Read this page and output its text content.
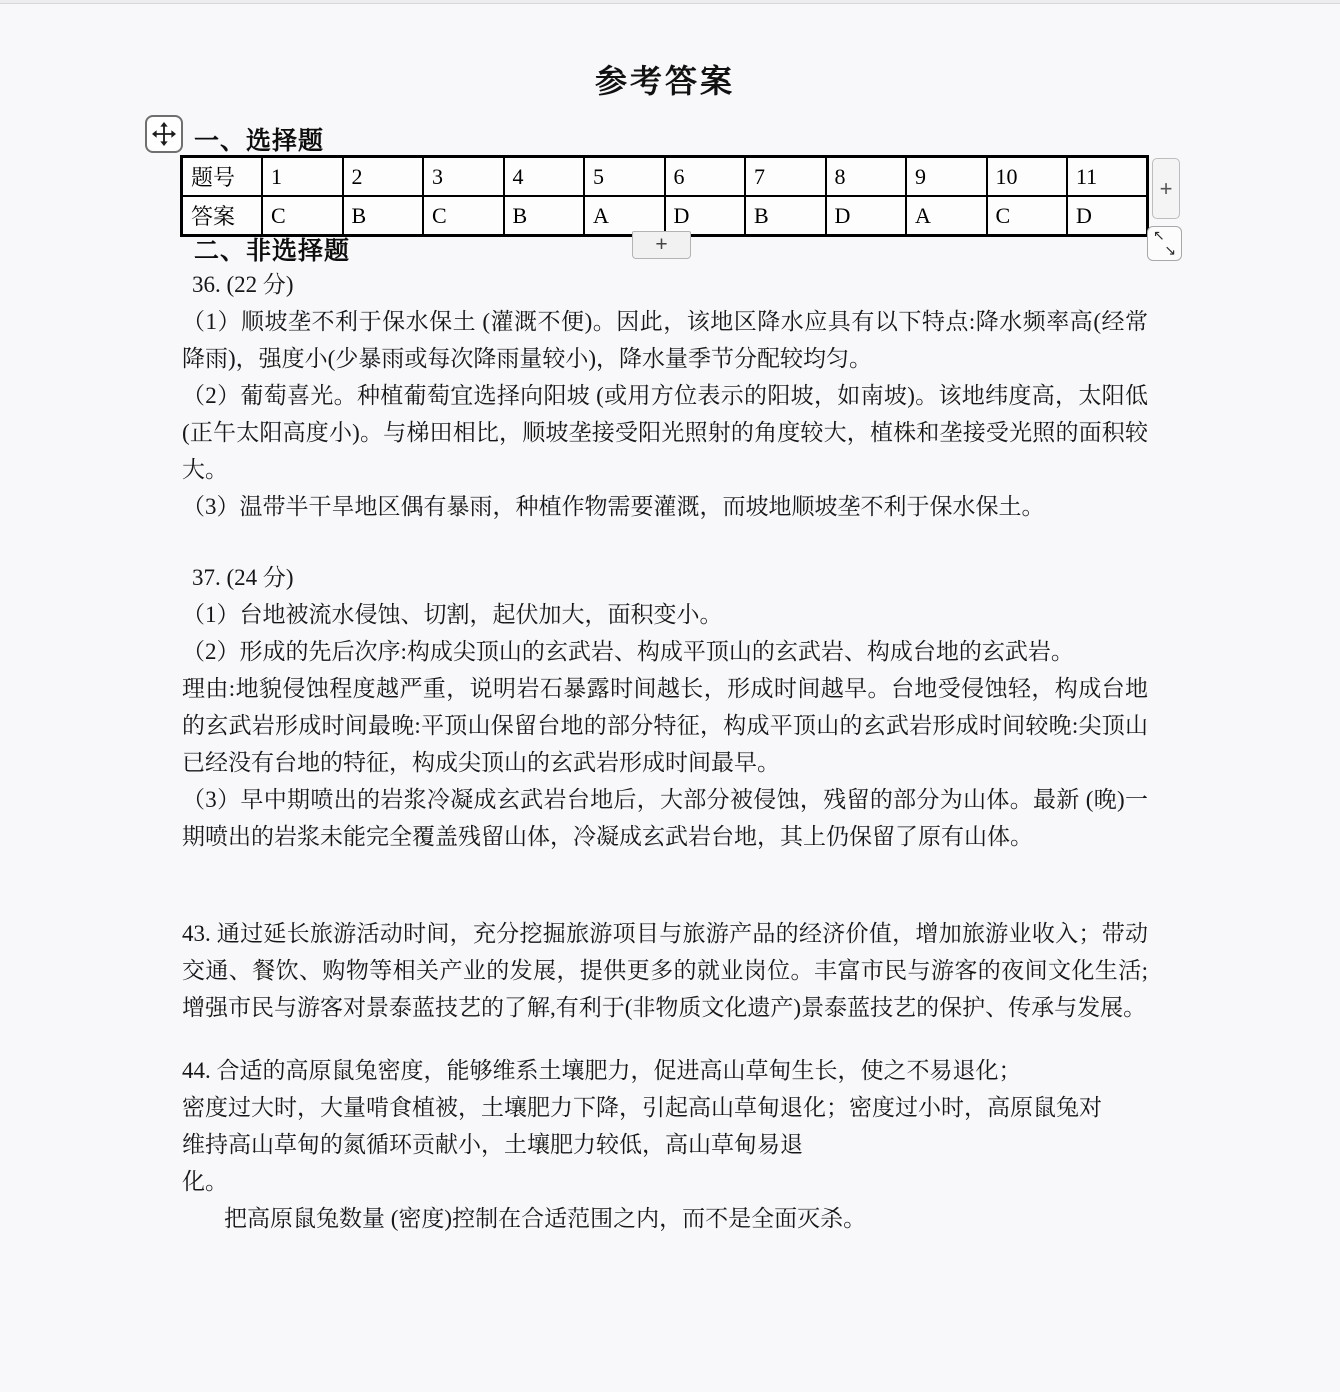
参考答案
一、选择题
题号	1	2	3	4	5	6	7	8	9	10	11
答案	C	B	C	B	A	D	B	D	A	C	D
+
↖
↘
+
二、非选择题

36. (22 分)

（1）顺坡垄不利于保水保土 (灌溉不便)。因此，该地区降水应具有以下特点:降水频率高(经常降雨)，强度小(少暴雨或每次降雨量较小)，降水量季节分配较均匀。

（2）葡萄喜光。种植葡萄宜选择向阳坡 (或用方位表示的阳坡，如南坡)。该地纬度高，太阳低(正午太阳高度小)。与梯田相比，顺坡垄接受阳光照射的角度较大，植株和垄接受光照的面积较大。

（3）温带半干旱地区偶有暴雨，种植作物需要灌溉，而坡地顺坡垄不利于保水保土。

37. (24 分)

（1）台地被流水侵蚀、切割，起伏加大，面积变小。

（2）形成的先后次序:构成尖顶山的玄武岩、构成平顶山的玄武岩、构成台地的玄武岩。

理由:地貌侵蚀程度越严重，说明岩石暴露时间越长，形成时间越早。台地受侵蚀轻，构成台地的玄武岩形成时间最晚:平顶山保留台地的部分特征，构成平顶山的玄武岩形成时间较晚:尖顶山已经没有台地的特征，构成尖顶山的玄武岩形成时间最早。

（3）早中期喷出的岩浆冷凝成玄武岩台地后，大部分被侵蚀，残留的部分为山体。最新 (晚)一期喷出的岩浆未能完全覆盖残留山体，冷凝成玄武岩台地，其上仍保留了原有山体。

43. 通过延长旅游活动时间，充分挖掘旅游项目与旅游产品的经济价值，增加旅游业收入；带动交通、餐饮、购物等相关产业的发展，提供更多的就业岗位。丰富市民与游客的夜间文化生活;增强市民与游客对景泰蓝技艺的了解,有利于(非物质文化遗产)景泰蓝技艺的保护、传承与发展。

44. 合适的高原鼠兔密度，能够维系土壤肥力，促进高山草甸生长，使之不易退化；

密度过大时，大量啃食植被，土壤肥力下降，引起高山草甸退化；密度过小时，高原鼠兔对

维持高山草甸的氮循环贡献小，土壤肥力较低，高山草甸易退

化。

把高原鼠兔数量 (密度)控制在合适范围之内，而不是全面灭杀。
